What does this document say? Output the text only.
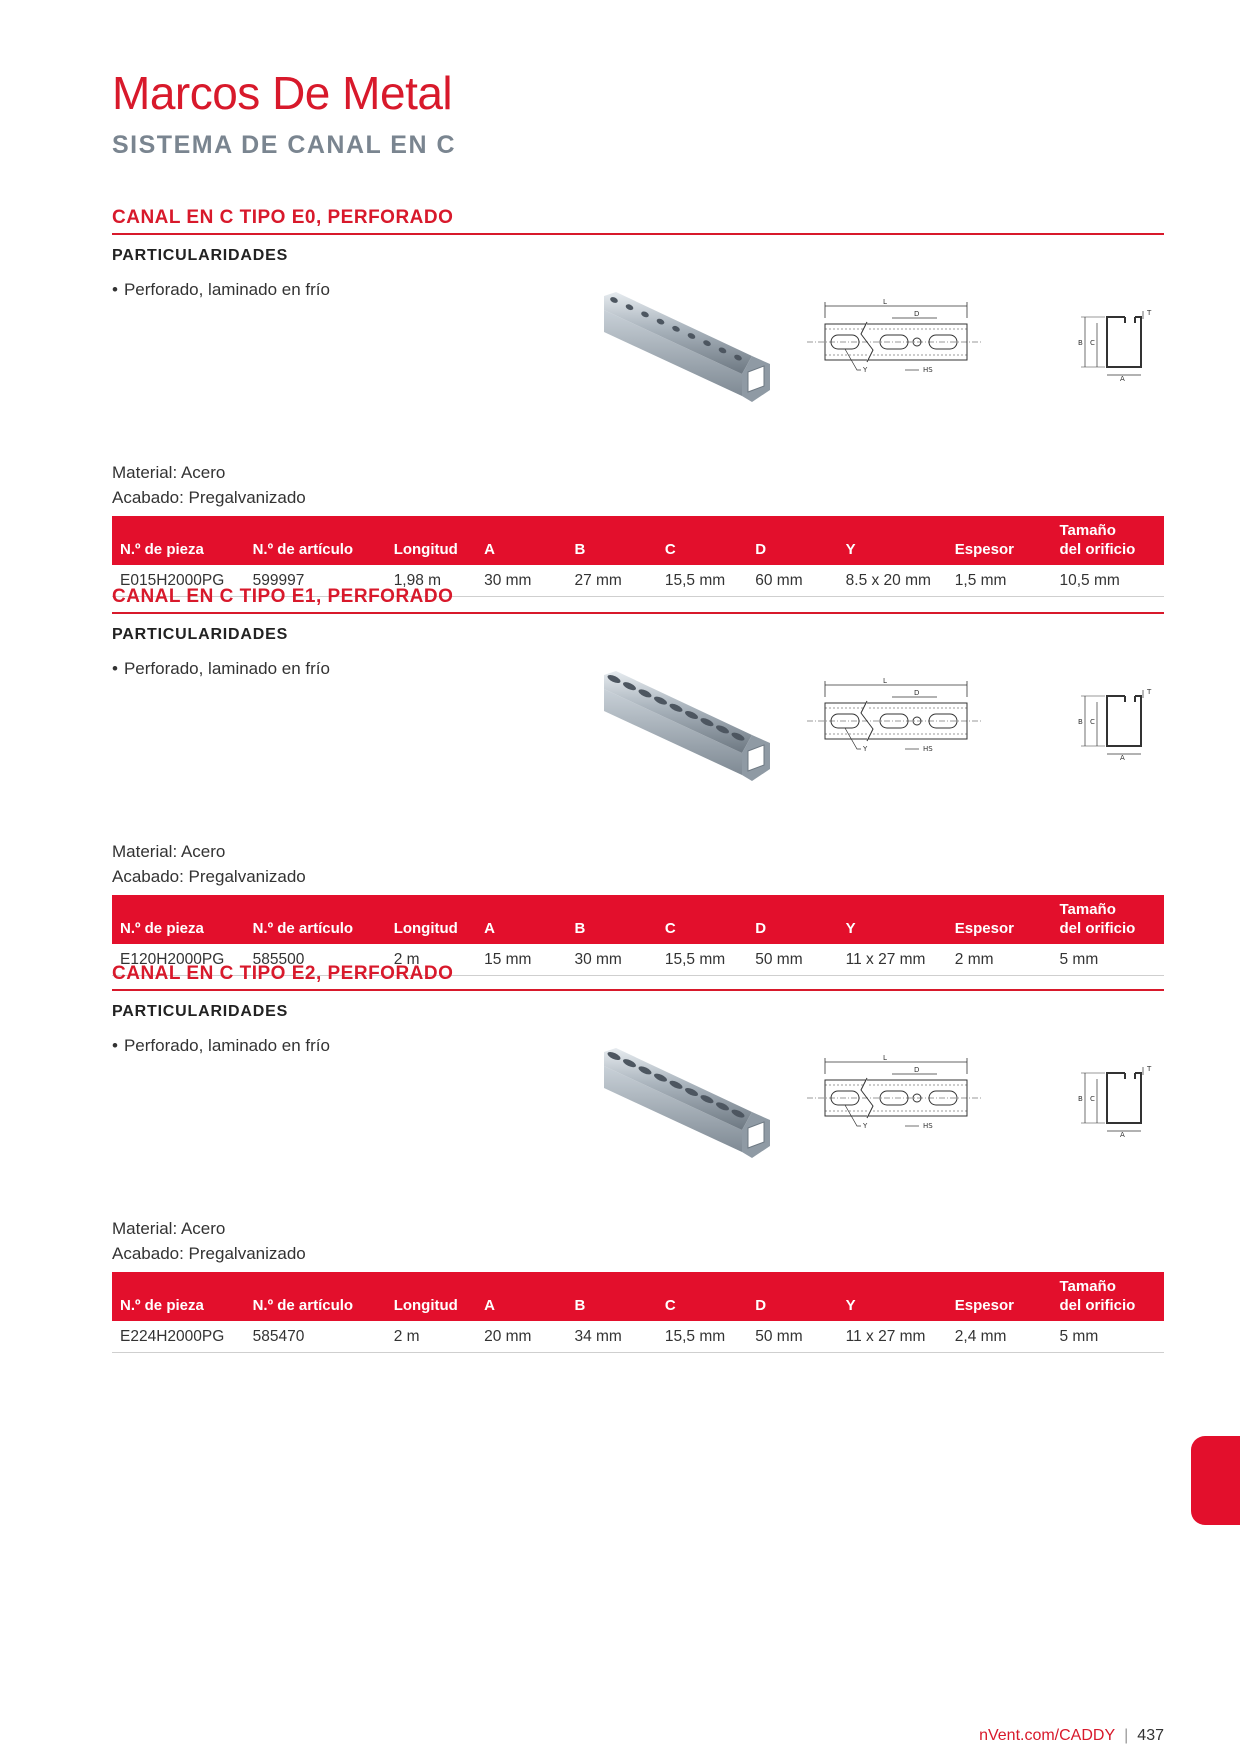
Marcos De Metal
SISTEMA DE CANAL EN C
CANAL EN C TIPO E0, PERFORADO
PARTICULARIDADES
• Perforado, laminado en frío
L
D
Y	HS
B C
A
T
Material: Acero
Acabado: Pregalvanizado
N.º de pieza	N.º de artículo	Longitud	A	B	C	D	Y	Espesor	Tamaño
del orificio

E015H2000PG	599997	1,98 m	30 mm	27 mm	15,5 mm	60 mm	8.5 x 20 mm	1,5 mm	10,5 mm
CANAL EN C TIPO E1, PERFORADO
PARTICULARIDADES
• Perforado, laminado en frío
L
D
Y	HS
B C
A
T
Material: Acero
Acabado: Pregalvanizado
N.º de pieza	N.º de artículo	Longitud	A	B	C	D	Y	Espesor	Tamaño
del orificio

E120H2000PG	585500	2 m	15 mm	30 mm	15,5 mm	50 mm	11 x 27 mm	2 mm	5 mm
CANAL EN C TIPO E2, PERFORADO
PARTICULARIDADES
• Perforado, laminado en frío
L
D
Y	HS
B C
A
T
Material: Acero
Acabado: Pregalvanizado
N.º de pieza	N.º de artículo	Longitud	A	B	C	D	Y	Espesor	Tamaño
del orificio

E224H2000PG	585470	2 m	20 mm	34 mm	15,5 mm	50 mm	11 x 27 mm	2,4 mm	5 mm
nVent.com/CADDY | 437
